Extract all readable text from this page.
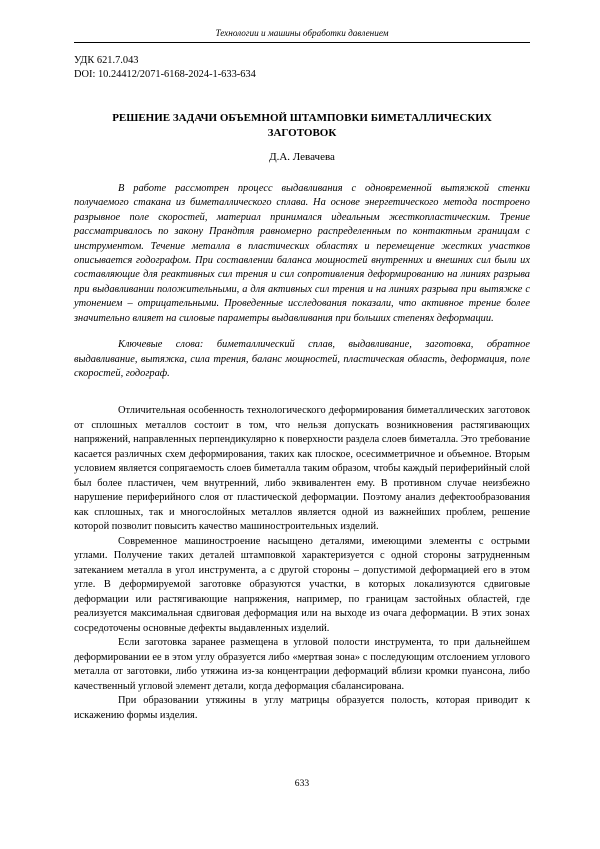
Технологии и машины обработки давлением
УДК 621.7.043
DOI: 10.24412/2071-6168-2024-1-633-634
РЕШЕНИЕ ЗАДАЧИ ОБЪЕМНОЙ ШТАМПОВКИ БИМЕТАЛЛИЧЕСКИХ ЗАГОТОВОК
Д.А. Левачева

В работе рассмотрен процесс выдавливания с одновременной вытяжкой стенки получаемого стакана из биметаллического сплава. На основе энергетического метода построено разрывное поле скоростей, материал принимался идеальным жесткопластическим. Трение рассматривалось по закону Прандтля равномерно распределенным по контактным границам с инструментом. Течение металла в пластических областях и перемещение жестких участков описывается годографом. При составлении баланса мощностей внутренних и внешних сил были их составляющие для реактивных сил трения и сил сопротивления деформированию на линиях разрыва при выдавливании положительными, а для активных сил трения и на линиях разрыва при вытяжке с утонением – отрицательными. Проведенные исследования показали, что активное трение более значительно влияет на силовые параметры выдавливания при больших степенях деформации.

Ключевые слова: биметаллический сплав, выдавливание, заготовка, обратное выдавливание, вытяжка, сила трения, баланс мощностей, пластическая область, деформация, поле скоростей, годограф.

Отличительная особенность технологического деформирования биметаллических заготовок от сплошных металлов состоит в том, что нельзя допускать возникновения растягивающих напряжений, направленных перпендикулярно к поверхности раздела слоев биметалла. Это требование касается различных схем деформирования, таких как плоское, осесимметричное и объемное. Вторым условием является сопрягаемость слоев биметалла таким образом, чтобы каждый периферийный слой был более пластичен, чем внутренний, либо эквивалентен ему. В противном случае неизбежно нарушение периферийного слоя от пластической деформации. Поэтому анализ дефектообразования как сплошных, так и многослойных металлов является одной из важнейших проблем, решение которой позволит повысить качество машиностроительных изделий.

Современное машиностроение насыщено деталями, имеющими элементы с острыми углами. Получение таких деталей штамповкой характеризуется с одной стороны затрудненным затеканием металла в угол инструмента, а с другой стороны – допустимой деформацией его в этом угле. В деформируемой заготовке образуются участки, в которых локализуются сдвиговые деформации или растягивающие напряжения, например, по границам застойных областей, где реализуется максимальная сдвиговая деформация или на выходе из очага деформации. В этих зонах сосредоточены основные дефекты выдавленных изделий.

Если заготовка заранее размещена в угловой полости инструмента, то при дальнейшем деформировании ее в этом углу образуется либо «мертвая зона» с последующим отслоением углового металла от заготовки, либо утяжина из-за концентрации деформаций вблизи кромки пуансона, либо качественный угловой элемент детали, когда деформация сбалансирована.

При образовании утяжины в углу матрицы образуется полость, которая приводит к искажению формы изделия.

633
